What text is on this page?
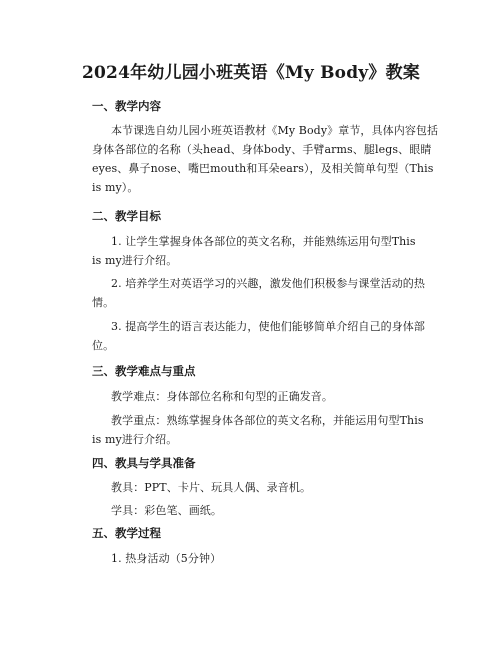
2024年幼儿园小班英语《My Body》教案
一、教学内容
本节课选自幼儿园小班英语教材《My Body》章节，具体内容包括
身体各部位的名称（头head、身体body、手臂arms、腿legs、眼睛
eyes、鼻子nose、嘴巴mouth和耳朵ears），及相关简单句型（This
is my）。
二、教学目标
1. 让学生掌握身体各部位的英文名称，并能熟练运用句型This
is my进行介绍。
2. 培养学生对英语学习的兴趣，激发他们积极参与课堂活动的热
情。
3. 提高学生的语言表达能力，使他们能够简单介绍自己的身体部
位。
三、教学难点与重点
教学难点：身体部位名称和句型的正确发音。
教学重点：熟练掌握身体各部位的英文名称，并能运用句型This
is my进行介绍。
四、教具与学具准备
教具：PPT、卡片、玩具人偶、录音机。
学具：彩色笔、画纸。
五、教学过程
1. 热身活动（5分钟）
